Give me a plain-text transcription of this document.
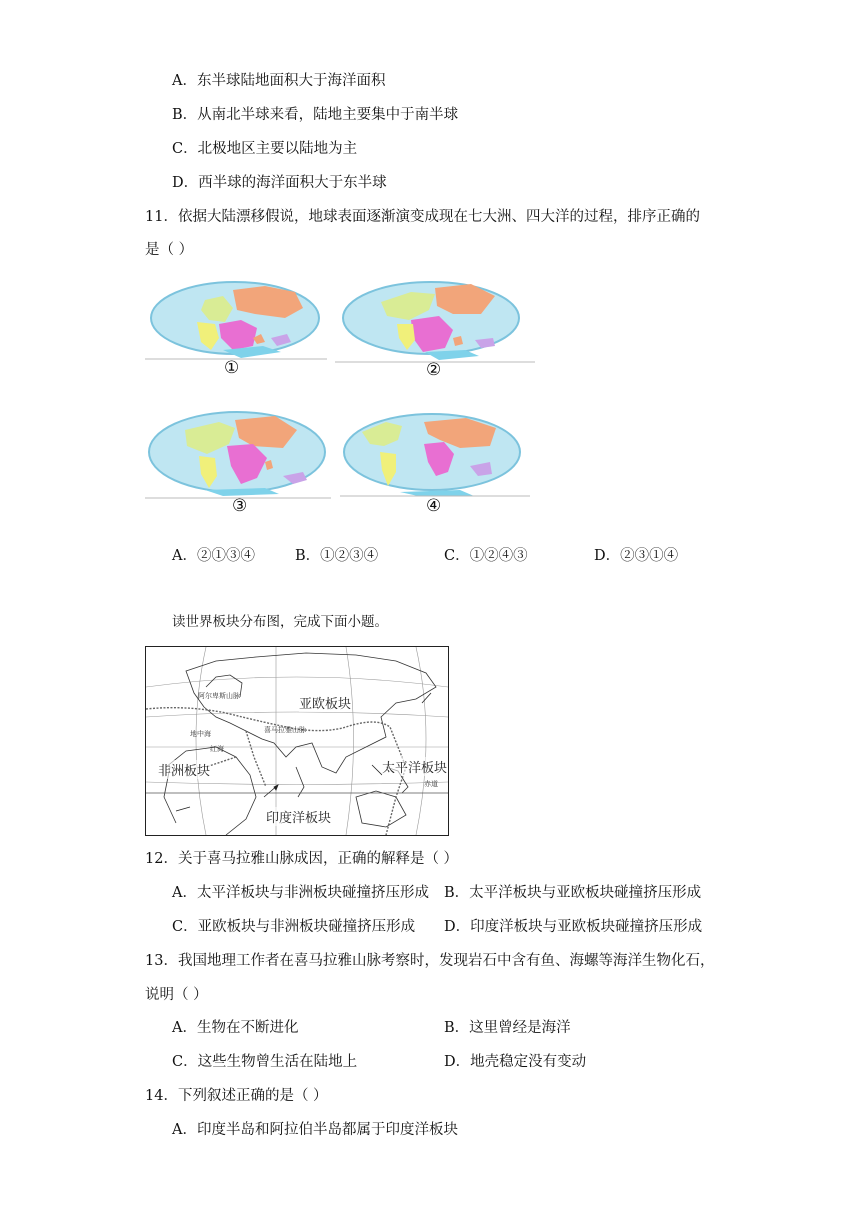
A．东半球陆地面积大于海洋面积
B．从南北半球来看，陆地主要集中于南半球
C．北极地区主要以陆地为主
D．西半球的海洋面积大于东半球
11．依据大陆漂移假说，地球表面逐渐演变成现在七大洲、四大洋的过程，排序正确的
是（ ）
①	②
③	④
A．②①③④	B．①②③④	C．①②④③	D．②③①④
读世界板块分布图，完成下面小题。
亚欧板块
非洲板块	太平洋板块
印度洋板块
阿尔卑斯山脉
喜马拉雅山脉
地中海
红海
赤道
12．关于喜马拉雅山脉成因，正确的解释是（ ）
A．太平洋板块与非洲板块碰撞挤压形成 B．太平洋板块与亚欧板块碰撞挤压形成
C．亚欧板块与非洲板块碰撞挤压形成 D．印度洋板块与亚欧板块碰撞挤压形成
13．我国地理工作者在喜马拉雅山脉考察时，发现岩石中含有鱼、海螺等海洋生物化石，
说明（ ）
A．生物在不断进化	B．这里曾经是海洋
C．这些生物曾生活在陆地上	D．地壳稳定没有变动
14．下列叙述正确的是（ ）
A．印度半岛和阿拉伯半岛都属于印度洋板块
